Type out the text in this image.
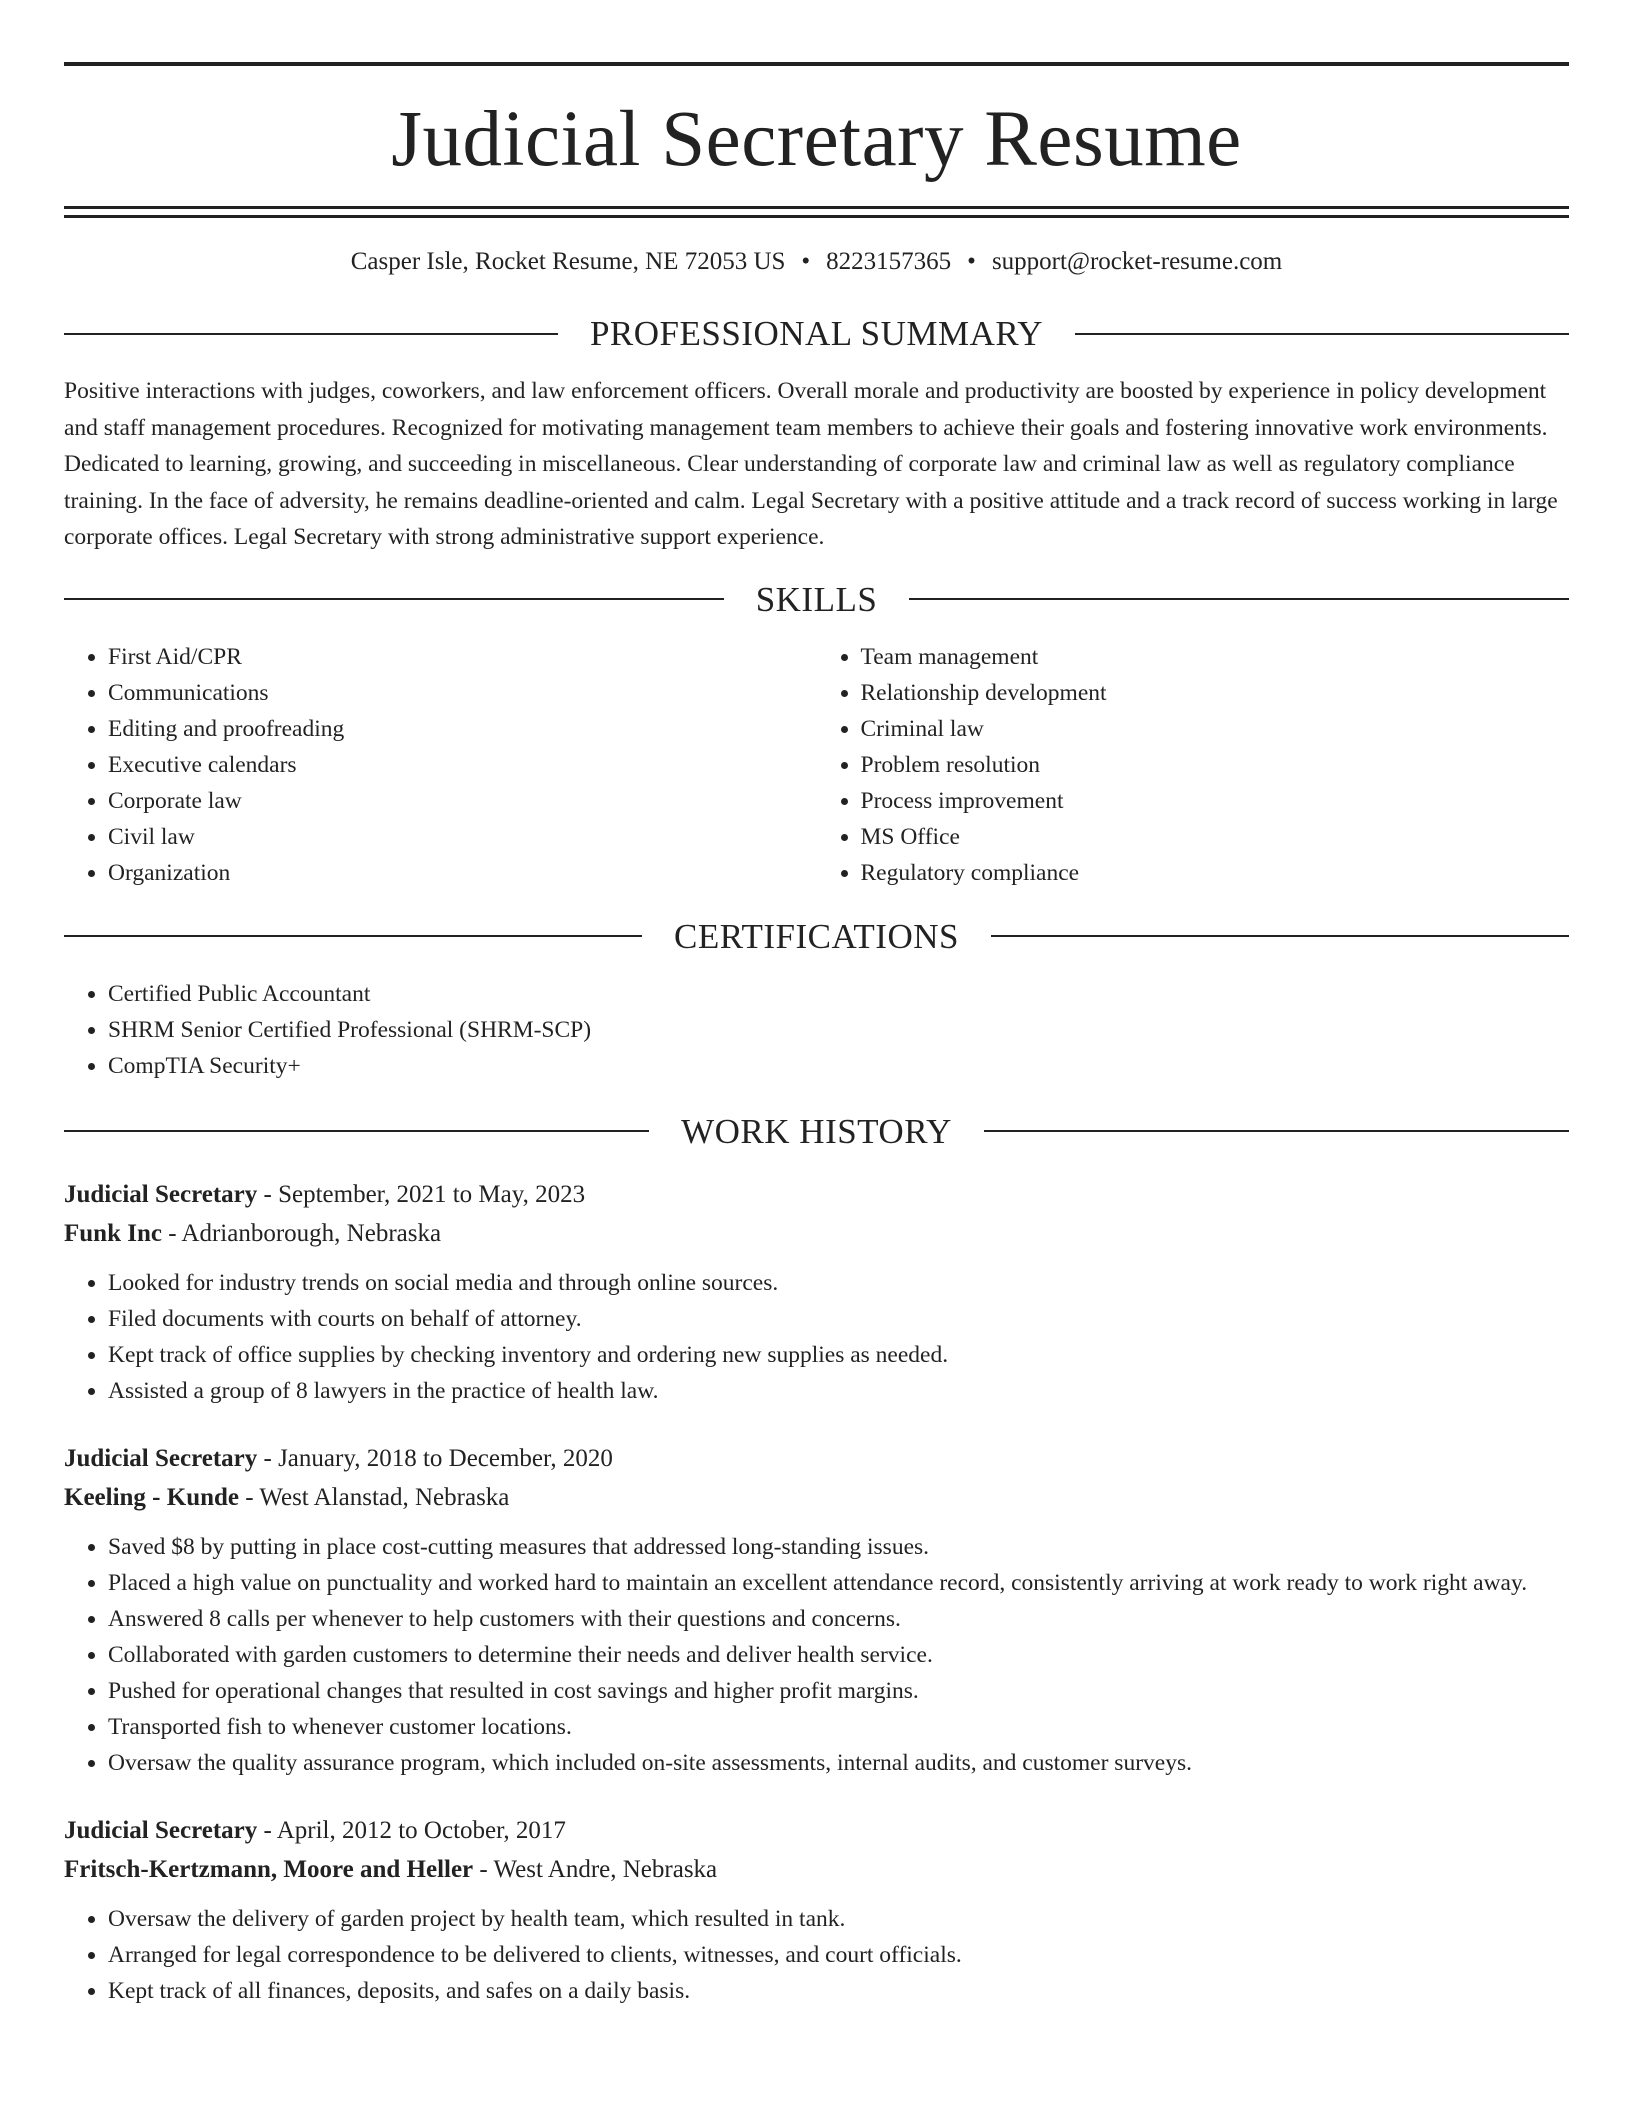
Judicial Secretary Resume
Casper Isle, Rocket Resume, NE 72053 US • 8223157365 • support@rocket-resume.com
PROFESSIONAL SUMMARY

Positive interactions with judges, coworkers, and law enforcement officers. Overall morale and productivity are boosted by experience in policy development and staff management procedures. Recognized for motivating management team members to achieve their goals and fostering innovative work environments. Dedicated to learning, growing, and succeeding in miscellaneous. Clear understanding of corporate law and criminal law as well as regulatory compliance training. In the face of adversity, he remains deadline-oriented and calm. Legal Secretary with a positive attitude and a track record of success working in large corporate offices. Legal Secretary with strong administrative support experience.

SKILLS
• First Aid/CPR
• Communications
• Editing and proofreading
• Executive calendars
• Corporate law
• Civil law
• Organization
• Team management
• Relationship development
• Criminal law
• Problem resolution
• Process improvement
• MS Office
• Regulatory compliance
CERTIFICATIONS
• Certified Public Accountant
• SHRM Senior Certified Professional (SHRM-SCP)
• CompTIA Security+
WORK HISTORY
Judicial Secretary - September, 2021 to May, 2023
Funk Inc - Adrianborough, Nebraska
• Looked for industry trends on social media and through online sources.
• Filed documents with courts on behalf of attorney.
• Kept track of office supplies by checking inventory and ordering new supplies as needed.
• Assisted a group of 8 lawyers in the practice of health law.
Judicial Secretary - January, 2018 to December, 2020
Keeling - Kunde - West Alanstad, Nebraska
• Saved $8 by putting in place cost-cutting measures that addressed long-standing issues.
• Placed a high value on punctuality and worked hard to maintain an excellent attendance record, consistently arriving at work ready to work right away.
• Answered 8 calls per whenever to help customers with their questions and concerns.
• Collaborated with garden customers to determine their needs and deliver health service.
• Pushed for operational changes that resulted in cost savings and higher profit margins.
• Transported fish to whenever customer locations.
• Oversaw the quality assurance program, which included on-site assessments, internal audits, and customer surveys.
Judicial Secretary - April, 2012 to October, 2017
Fritsch-Kertzmann, Moore and Heller - West Andre, Nebraska
• Oversaw the delivery of garden project by health team, which resulted in tank.
• Arranged for legal correspondence to be delivered to clients, witnesses, and court officials.
• Kept track of all finances, deposits, and safes on a daily basis.
